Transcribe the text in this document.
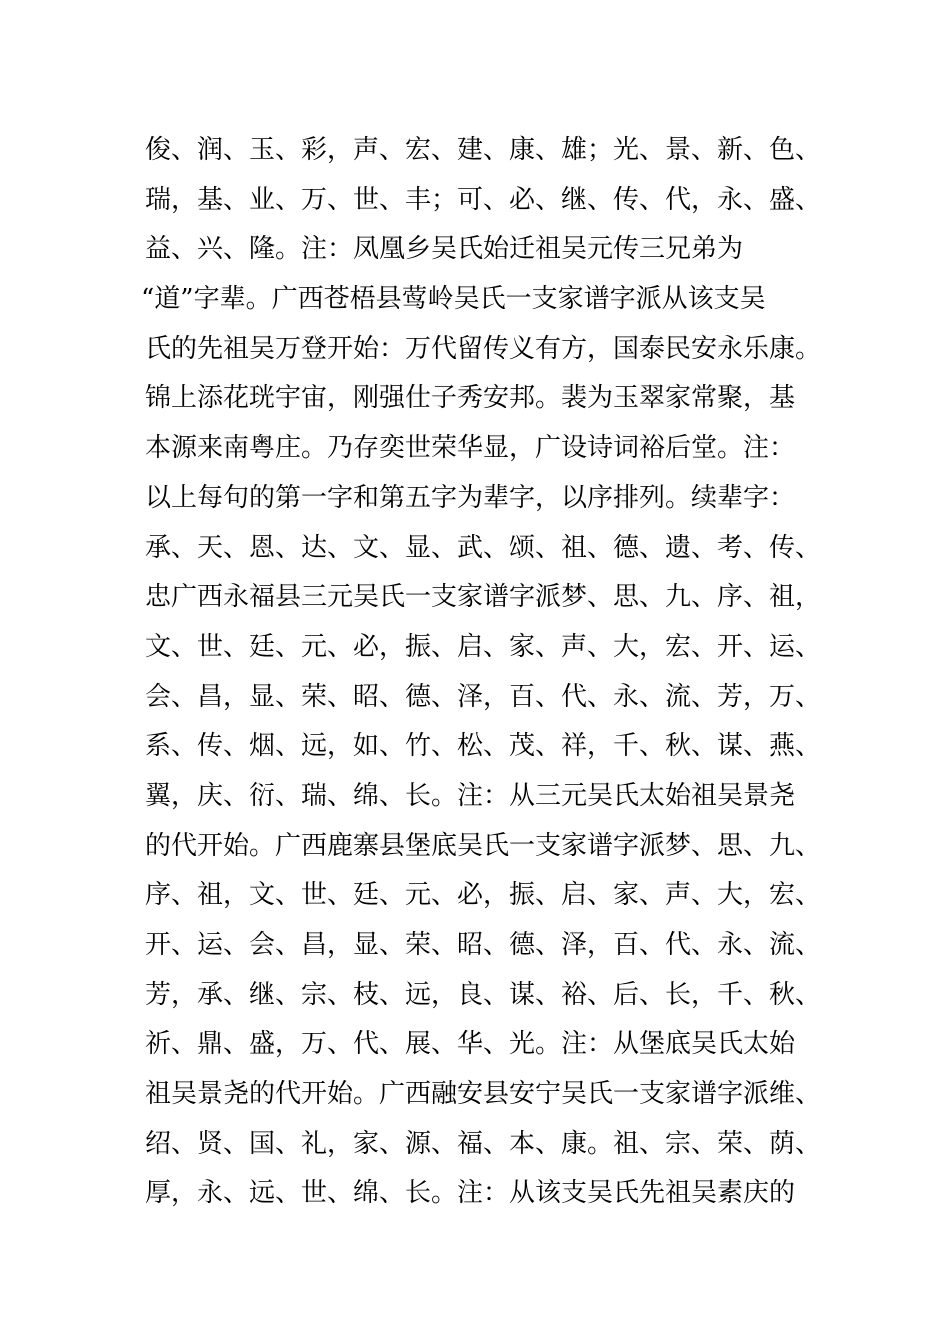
俊、润、玉、彩，声、宏、建、康、雄；光、景、新、色、
瑞，基、业、万、世、丰；可、必、继、传、代，永、盛、
益、兴、隆。注：凤凰乡吴氏始迁祖吴元传三兄弟为
“道”字辈。广西苍梧县莺岭吴氏一支家谱字派从该支吴
氏的先祖吴万登开始：万代留传义有方，国泰民安永乐康。
锦上添花珖宇宙，刚强仕子秀安邦。裴为玉翠家常聚，基
本源来南粤庄。乃存奕世荣华显，广设诗词裕后堂。注：
以上每句的第一字和第五字为辈字，以序排列。续辈字：
承、天、恩、达、文、显、武、颂、祖、德、遗、考、传、
忠广西永福县三元吴氏一支家谱字派梦、思、九、序、祖，
文、世、廷、元、必，振、启、家、声、大，宏、开、运、
会、昌，显、荣、昭、德、泽，百、代、永、流、芳，万、
系、传、烟、远，如、竹、松、茂、祥，千、秋、谋、燕、
翼，庆、衍、瑞、绵、长。注：从三元吴氏太始祖吴景尧
的代开始。广西鹿寨县堡底吴氏一支家谱字派梦、思、九、
序、祖，文、世、廷、元、必，振、启、家、声、大，宏、
开、运、会、昌，显、荣、昭、德、泽，百、代、永、流、
芳，承、继、宗、枝、远，良、谋、裕、后、长，千、秋、
祈、鼎、盛，万、代、展、华、光。注：从堡底吴氏太始
祖吴景尧的代开始。广西融安县安宁吴氏一支家谱字派维、
绍、贤、国、礼，家、源、福、本、康。祖、宗、荣、荫、
厚，永、远、世、绵、长。注：从该支吴氏先祖吴素庆的
